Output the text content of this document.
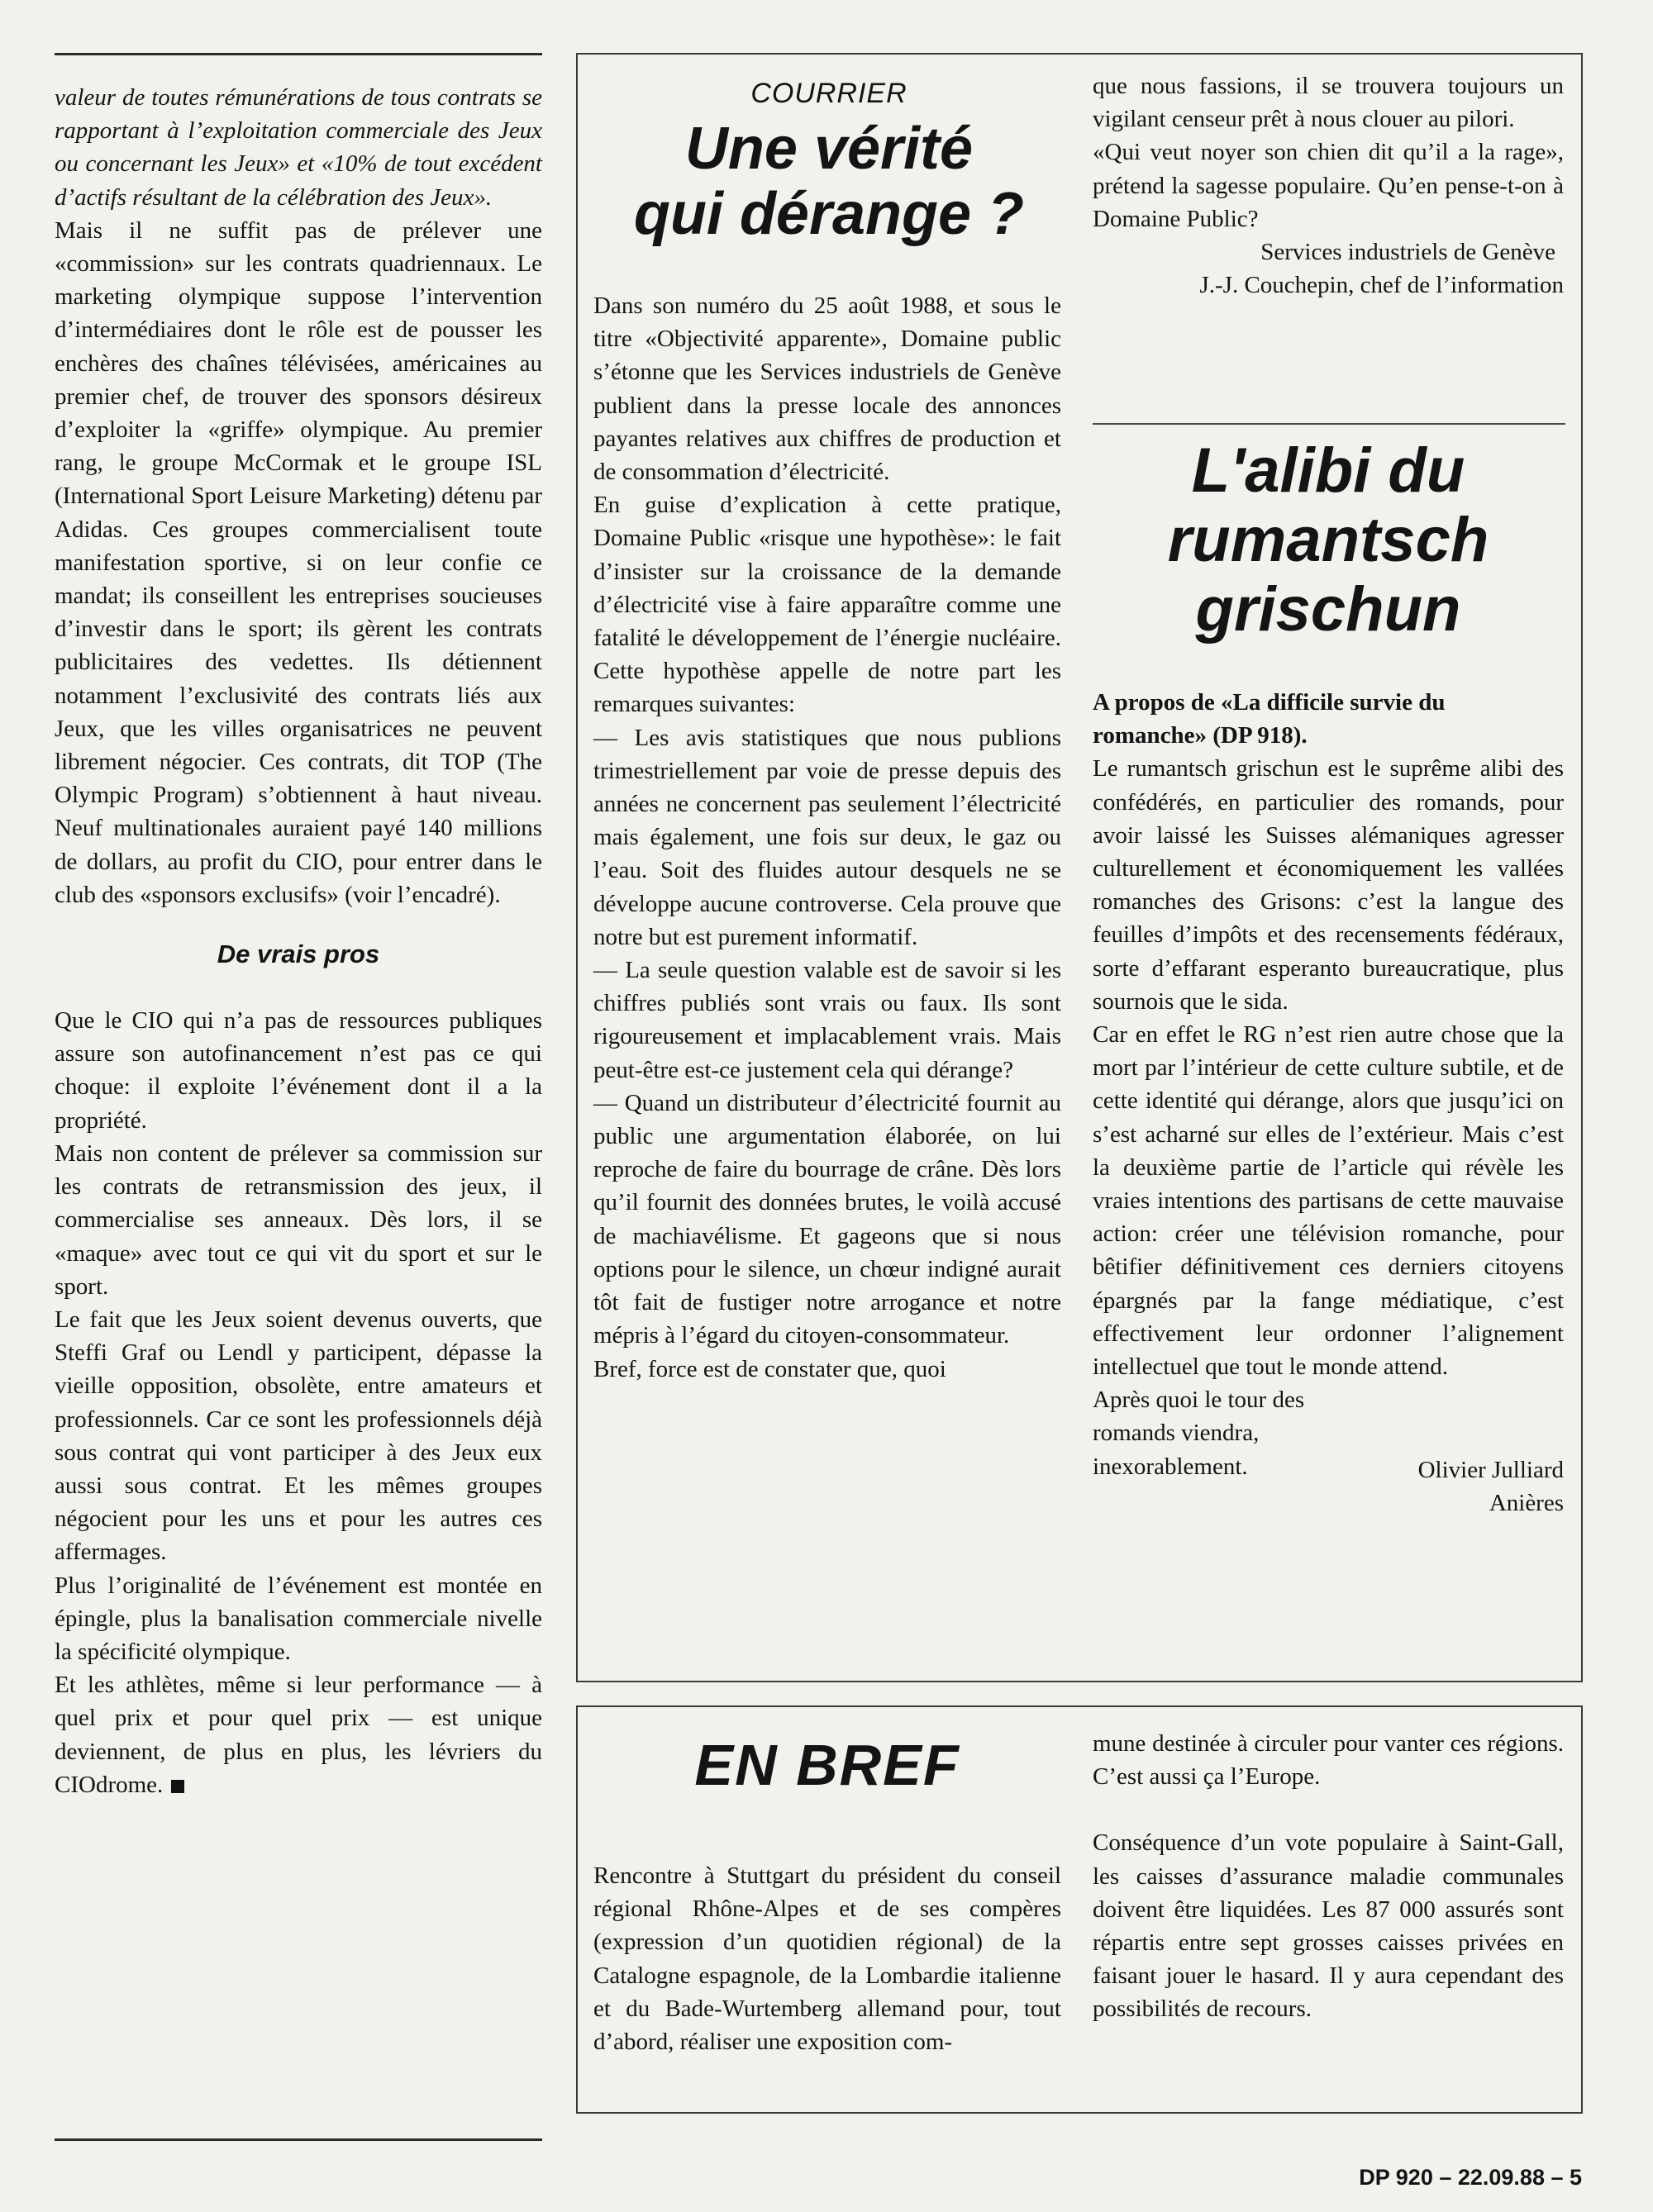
valeur de toutes rémunérations de tous contrats se rapportant à l’exploitation commerciale des Jeux ou concernant les Jeux» et «10% de tout excédent d’actifs résultant de la célébration des Jeux».

Mais il ne suffit pas de prélever une «commission» sur les contrats quadriennaux. Le marketing olympique suppose l’intervention d’intermédiaires dont le rôle est de pousser les enchères des chaînes télévisées, américaines au premier chef, de trouver des sponsors désireux d’exploiter la «griffe» olympique. Au premier rang, le groupe McCormak et le groupe ISL (International Sport Leisure Marketing) détenu par Adidas. Ces groupes commercialisent toute manifestation sportive, si on leur confie ce mandat; ils conseillent les entreprises soucieuses d’investir dans le sport; ils gèrent les contrats publicitaires des vedettes. Ils détiennent notamment l’exclusivité des contrats liés aux Jeux, que les villes organisatrices ne peuvent librement négocier. Ces contrats, dit TOP (The Olympic Program) s’obtiennent à haut niveau. Neuf multinationales auraient payé 140 millions de dollars, au profit du CIO, pour entrer dans le club des «sponsors exclusifs» (voir l’encadré).

De vrais pros

Que le CIO qui n’a pas de ressources publiques assure son autofinancement n’est pas ce qui choque: il exploite l’événement dont il a la propriété.

Mais non content de prélever sa commission sur les contrats de retransmission des jeux, il commercialise ses anneaux. Dès lors, il se «maque» avec tout ce qui vit du sport et sur le sport.

Le fait que les Jeux soient devenus ouverts, que Steffi Graf ou Lendl y participent, dépasse la vieille opposition, obsolète, entre amateurs et professionnels. Car ce sont les professionnels déjà sous contrat qui vont participer à des Jeux eux aussi sous contrat. Et les mêmes groupes négocient pour les uns et pour les autres ces affermages.

Plus l’originalité de l’événement est montée en épingle, plus la banalisation commerciale nivelle la spécificité olympique.

Et les athlètes, même si leur performance — à quel prix et pour quel prix — est unique deviennent, de plus en plus, les lévriers du CIOdrome.

COURRIER
Une vérité
qui dérange ?

Dans son numéro du 25 août 1988, et sous le titre «Objectivité apparente», Domaine public s’étonne que les Services industriels de Genève publient dans la presse locale des annonces payantes relatives aux chiffres de production et de consommation d’électricité.

En guise d’explication à cette pratique, Domaine Public «risque une hypothèse»: le fait d’insister sur la croissance de la demande d’électricité vise à faire apparaître comme une fatalité le développement de l’énergie nucléaire. Cette hypothèse appelle de notre part les remarques suivantes:

— Les avis statistiques que nous publions trimestriellement par voie de presse depuis des années ne concernent pas seulement l’électricité mais également, une fois sur deux, le gaz ou l’eau. Soit des fluides autour desquels ne se développe aucune controverse. Cela prouve que notre but est purement informatif.

— La seule question valable est de savoir si les chiffres publiés sont vrais ou faux. Ils sont rigoureusement et implacablement vrais. Mais peut-être est-ce justement cela qui dérange?

— Quand un distributeur d’électricité fournit au public une argumentation élaborée, on lui reproche de faire du bourrage de crâne. Dès lors qu’il fournit des données brutes, le voilà accusé de machiavélisme. Et gageons que si nous options pour le silence, un chœur indigné aurait tôt fait de fustiger notre arrogance et notre mépris à l’égard du citoyen-consommateur.

Bref, force est de constater que, quoi

que nous fassions, il se trouvera toujours un vigilant censeur prêt à nous clouer au pilori.

«Qui veut noyer son chien dit qu’il a la rage», prétend la sagesse populaire. Qu’en pense-t-on à Domaine Public?

Services industriels de Genève
J.-J. Couchepin, chef de l’information
L'alibi du
rumantsch
grischun

A propos de «La difficile survie du romanche» (DP 918).

Le rumantsch grischun est le suprême alibi des confédérés, en particulier des romands, pour avoir laissé les Suisses alémaniques agresser culturellement et économiquement les vallées romanches des Grisons: c’est la langue des feuilles d’impôts et des recensements fédéraux, sorte d’effarant esperanto bureaucratique, plus sournois que le sida.

Car en effet le RG n’est rien autre chose que la mort par l’intérieur de cette culture subtile, et de cette identité qui dérange, alors que jusqu’ici on s’est acharné sur elles de l’extérieur. Mais c’est la deuxième partie de l’article qui révèle les vraies intentions des partisans de cette mauvaise action: créer une télévision romanche, pour bêtifier définitivement ces derniers citoyens épargnés par la fange médiatique, c’est effectivement leur ordonner l’alignement intellectuel que tout le monde attend.

Après quoi le tour des romands viendra, inexorablement.	Olivier Julliard
Anières
EN BREF

Rencontre à Stuttgart du président du conseil régional Rhône-Alpes et de ses compères (expression d’un quotidien régional) de la Catalogne espagnole, de la Lombardie italienne et du Bade-Wurtemberg allemand pour, tout d’abord, réaliser une exposition com-

mune destinée à circuler pour vanter ces régions. C’est aussi ça l’Europe.

Conséquence d’un vote populaire à Saint-Gall, les caisses d’assurance maladie communales doivent être liquidées. Les 87 000 assurés sont répartis entre sept grosses caisses privées en faisant jouer le hasard. Il y aura cependant des possibilités de recours.

DP 920 – 22.09.88 – 5
